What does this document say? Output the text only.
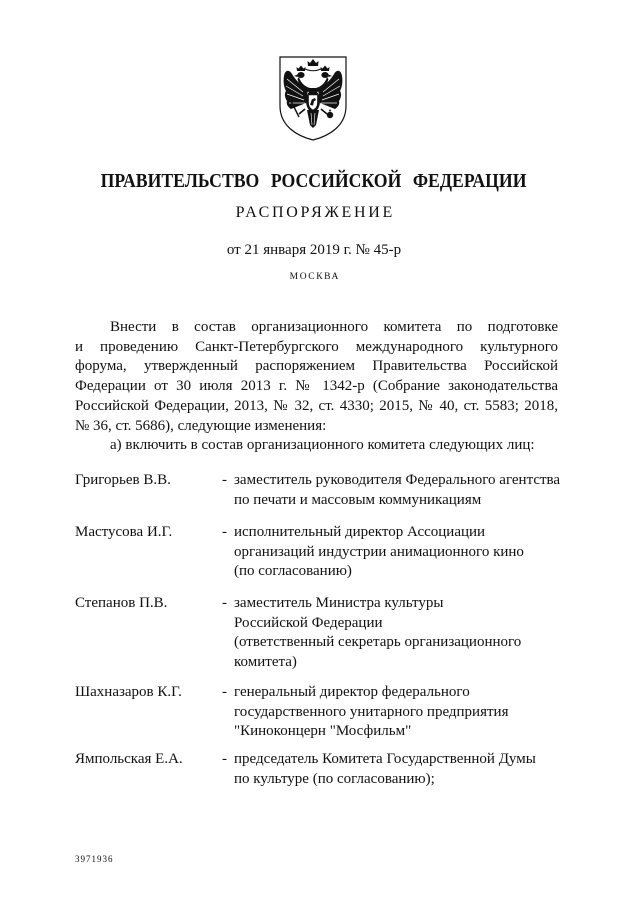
ПРАВИТЕЛЬСТВО РОССИЙСКОЙ ФЕДЕРАЦИИ
РАСПОРЯЖЕНИЕ
от 21 января 2019 г. № 45-р
МОСКВА
Внести в состав организационного комитета по подготовке
и проведению Санкт-Петербургского международного культурного
форума, утвержденный распоряжением Правительства Российской
Федерации от 30 июля 2013 г. № 1342-р (Собрание законодательства
Российской Федерации, 2013, № 32, ст. 4330; 2015, № 40, ст. 5583; 2018,
№ 36, ст. 5686), следующие изменения:
а) включить в состав организационного комитета следующих лиц:
Григорьев В.В.	- заместитель руководителя Федерального агентства
по печати и массовым коммуникациям
Мастусова И.Г.	- исполнительный директор Ассоциации
организаций индустрии анимационного кино
(по согласованию)
Степанов П.В.	- заместитель Министра культуры
Российской Федерации
(ответственный секретарь организационного
комитета)
Шахназаров К.Г.	- генеральный директор федерального
государственного унитарного предприятия
"Киноконцерн "Мосфильм"
Ямпольская Е.А.	- председатель Комитета Государственной Думы
по культуре (по согласованию);
3971936
